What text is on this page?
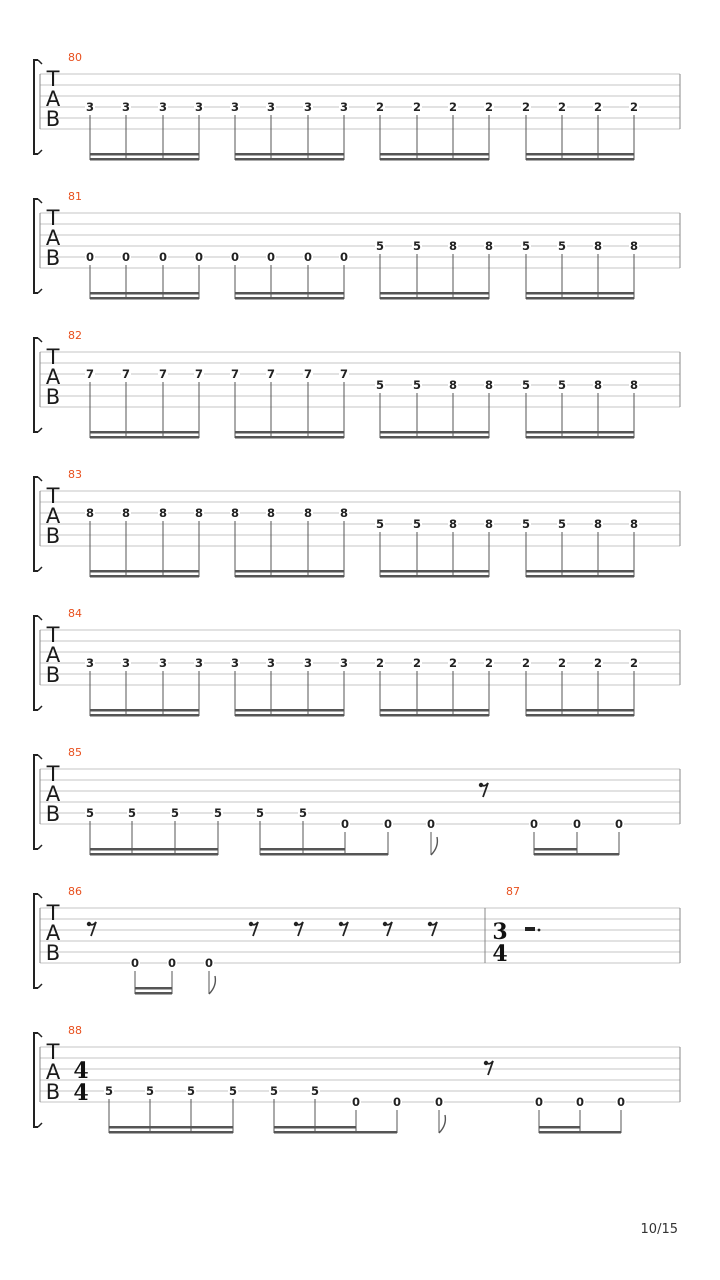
T
A
B
80
3 3	3 3 3 3	3 3 2	2 2 2	2 2 2 2
T
A
B
81
0 0	0 0 0 0	0 0
5	5 8 8	5 5 8 8
T
A
B
82
7 7	7 7 7 7	7 7
5	5 8 8	5 5 8 8
T
A
B
83
8 8	8 8 8 8	8 8
5	5 8 8	5 5 8 8
T
A
B
84
3 3	3 3 3 3	3 3 2	2 2 2	2 2 2 2
T
A
B
85
5	5	5	5	5	5
0	0	0	0	0	0
T
A
B
86
0	0	0
87
3
4
T
A
B
88
4
4 5	5	5	5	5	5
0	0	0	0	0	0
10/15
